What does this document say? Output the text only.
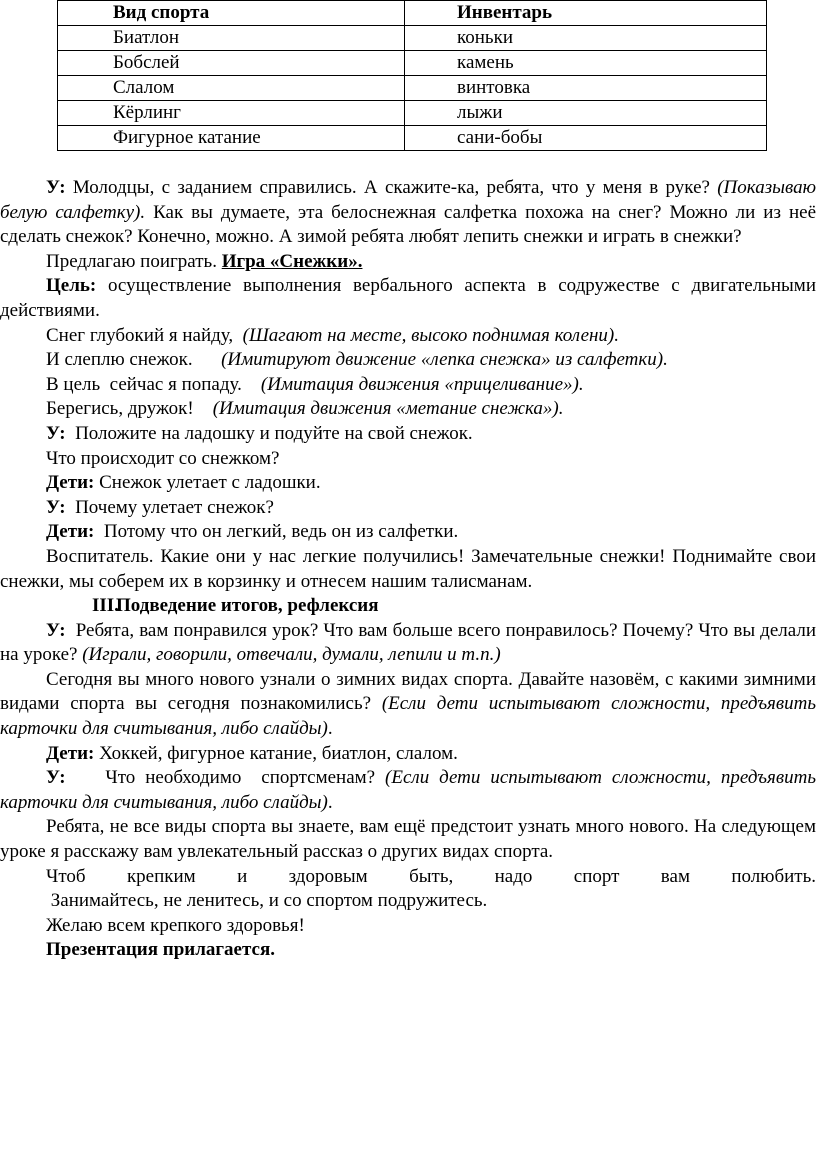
Вид спорта	Инвентарь
Биатлон	коньки
Бобслей	камень
Слалом	винтовка
Кёрлинг	лыжи
Фигурное катание	сани-бобы

У: Молодцы, с заданием справились. А скажите-ка, ребята, что у меня в руке? (Показываю белую салфетку). Как вы думаете, эта белоснежная салфетка похожа на снег? Можно ли из неё сделать снежок? Конечно, можно. А зимой ребята любят лепить снежки и играть в снежки?

Предлагаю поиграть. Игра «Снежки».

Цель: осуществление выполнения вербального аспекта в содружестве с двигательными действиями.

Снег глубокий я найду,  (Шагают на месте, высоко поднимая колени).

И слеплю снежок.      (Имитируют движение «лепка снежка» из салфетки).

В цель  сейчас я попаду.    (Имитация движения «прицеливание»).

Берегись, дружок!    (Имитация движения «метание снежка»).

У:  Положите на ладошку и подуйте на свой снежок.

Что происходит со снежком?

Дети: Снежок улетает с ладошки.

У:  Почему улетает снежок?

Дети:  Потому что он легкий, ведь он из салфетки.

Воспитатель. Какие они у нас легкие получились! Замечательные снежки! Поднимайте свои снежки, мы соберем их в корзинку и отнесем нашим талисманам.

III.Подведение итогов, рефлексия

У:  Ребята, вам понравился урок? Что вам больше всего понравилось? Почему? Что вы делали на уроке? (Играли, говорили, отвечали, думали, лепили и т.п.)

Сегодня вы много нового узнали о зимних видах спорта. Давайте назовём, с какими зимними видами спорта вы сегодня познакомились? (Если дети испытывают сложности, предъявить карточки для считывания, либо слайды).

Дети: Хоккей, фигурное катание, биатлон, слалом.

У:    Что необходимо  спортсменам? (Если дети испытывают сложности, предъявить карточки для считывания, либо слайды).

Ребята, не все виды спорта вы знаете, вам ещё предстоит узнать много нового. На следующем уроке я расскажу вам увлекательный рассказ о других видах спорта.

Чтоб крепким и здоровым быть, надо спорт вам полюбить.

Занимайтесь, не ленитесь, и со спортом подружитесь.

Желаю всем крепкого здоровья!

Презентация прилагается.
